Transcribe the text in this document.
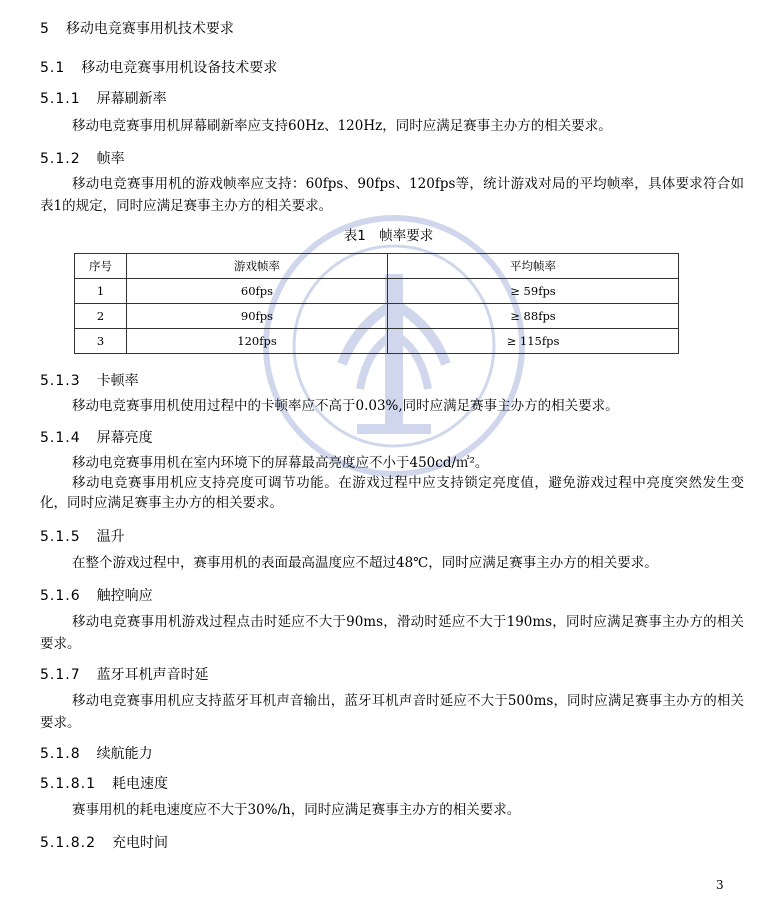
5 移动电竞赛事用机技术要求
5.1 移动电竞赛事用机设备技术要求
5.1.1 屏幕刷新率
移动电竞赛事用机屏幕刷新率应支持60Hz、120Hz，同时应满足赛事主办方的相关要求。
5.1.2 帧率
移动电竞赛事用机的游戏帧率应支持：60fps、90fps、120fps等，统计游戏对局的平均帧率，具体要求符合如表1的规定，同时应满足赛事主办方的相关要求。
表1　帧率要求
序号	游戏帧率	平均帧率
1	60fps	≥ 59fps
2	90fps	≥ 88fps
3	120fps	≥ 115fps
5.1.3 卡顿率
移动电竞赛事用机使用过程中的卡顿率应不高于0.03%,同时应满足赛事主办方的相关要求。
5.1.4 屏幕亮度
移动电竞赛事用机在室内环境下的屏幕最高亮度应不小于450cd/㎡²。
移动电竞赛事用机应支持亮度可调节功能。在游戏过程中应支持锁定亮度值，避免游戏过程中亮度突然发生变化，同时应满足赛事主办方的相关要求。
5.1.5 温升
在整个游戏过程中，赛事用机的表面最高温度应不超过48℃，同时应满足赛事主办方的相关要求。
5.1.6 触控响应
移动电竞赛事用机游戏过程点击时延应不大于90ms，滑动时延应不大于190ms，同时应满足赛事主办方的相关要求。
5.1.7 蓝牙耳机声音时延
移动电竞赛事用机应支持蓝牙耳机声音输出，蓝牙耳机声音时延应不大于500ms，同时应满足赛事主办方的相关要求。
5.1.8 续航能力
5.1.8.1 耗电速度
赛事用机的耗电速度应不大于30%/h，同时应满足赛事主办方的相关要求。
5.1.8.2 充电时间
3
